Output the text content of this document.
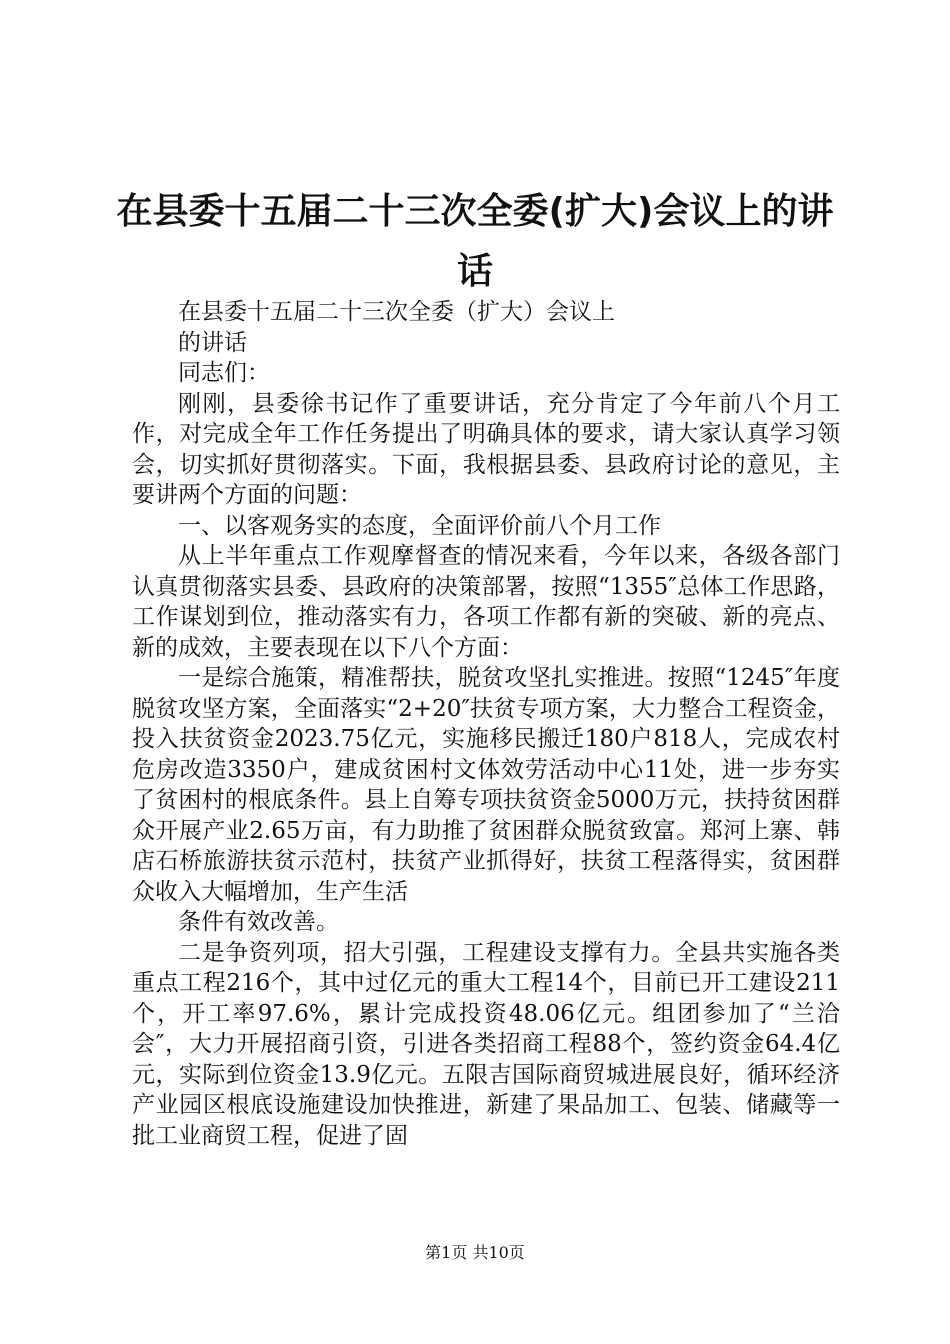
在县委十五届二十三次全委(扩大)会议上的讲话

在县委十五届二十三次全委（扩大）会议上

的讲话

同志们：

刚刚，县委徐书记作了重要讲话，充分肯定了今年前八个月工作，对完成全年工作任务提出了明确具体的要求，请大家认真学习领会，切实抓好贯彻落实。下面，我根据县委、县政府讨论的意见，主要讲两个方面的问题：

一、以客观务实的态度，全面评价前八个月工作

从上半年重点工作观摩督查的情况来看，今年以来，各级各部门认真贯彻落实县委、县政府的决策部署，按照“1355″总体工作思路，工作谋划到位，推动落实有力，各项工作都有新的突破、新的亮点、新的成效，主要表现在以下八个方面：

一是综合施策，精准帮扶，脱贫攻坚扎实推进。按照“1245″年度脱贫攻坚方案，全面落实“2+20″扶贫专项方案，大力整合工程资金，投入扶贫资金2023.75亿元，实施移民搬迁180户818人，完成农村危房改造3350户，建成贫困村文体效劳活动中心11处，进一步夯实了贫困村的根底条件。县上自筹专项扶贫资金5000万元，扶持贫困群众开展产业2.65万亩，有力助推了贫困群众脱贫致富。郑河上寨、韩店石桥旅游扶贫示范村，扶贫产业抓得好，扶贫工程落得实，贫困群众收入大幅增加，生产生活

条件有效改善。

二是争资列项，招大引强，工程建设支撑有力。全县共实施各类重点工程216个，其中过亿元的重大工程14个，目前已开工建设211个，开工率97.6%，累计完成投资48.06亿元。组团参加了“兰洽会″，大力开展招商引资，引进各类招商工程88个，签约资金64.4亿元，实际到位资金13.9亿元。五限吉国际商贸城进展良好，循环经济产业园区根底设施建设加快推进，新建了果品加工、包装、储藏等一批工业商贸工程，促进了固

第1页 共10页
